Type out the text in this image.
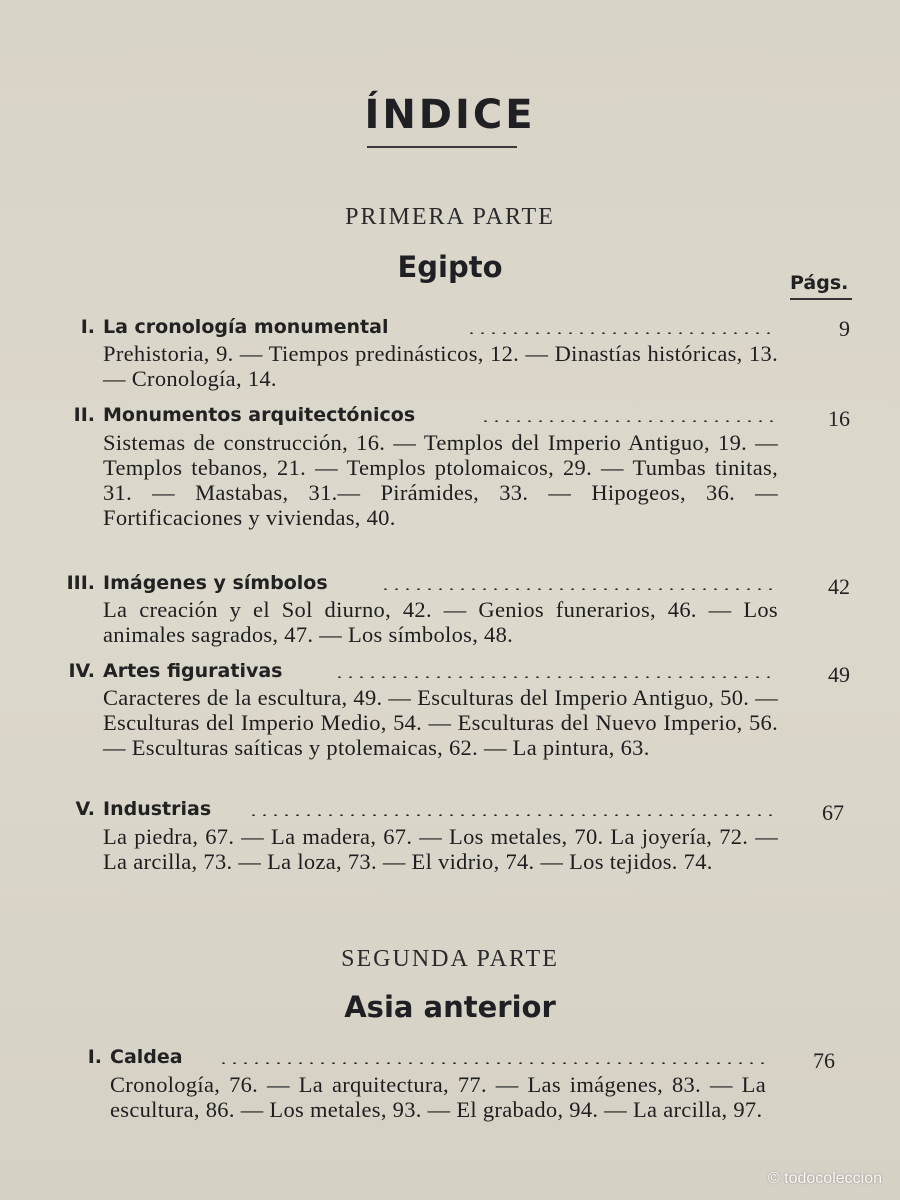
ÍNDICE
PRIMERA PARTE
Egipto	Págs.
I. La cronología monumental	9
Prehistoria, 9. — Tiempos predinásticos, 12. — Dinastías históricas, 13. — Cronología, 14.
II. Monumentos arquitectónicos	16
Sistemas de construcción, 16. — Templos del Imperio Antiguo, 19. — Templos tebanos, 21. — Templos ptolomaicos, 29. — Tumbas tinitas, 31. — Mastabas, 31.— Pirámides, 33. — Hipogeos, 36. — Fortificaciones y viviendas, 40.
III. Imágenes y símbolos	42
La creación y el Sol diurno, 42. — Genios funerarios, 46. — Los animales sagrados, 47. — Los símbolos, 48.
IV. Artes figurativas	49
Caracteres de la escultura, 49. — Esculturas del Imperio Antiguo, 50. — Esculturas del Imperio Medio, 54. — Esculturas del Nuevo Imperio, 56. — Esculturas saíticas y ptolemaicas, 62. — La pintura, 63.
V. Industrias	67
La piedra, 67. — La madera, 67. — Los metales, 70. La joyería, 72. — La arcilla, 73. — La loza, 73. — El vidrio, 74. — Los tejidos. 74.
SEGUNDA PARTE
Asia anterior
I. Caldea	76
Cronología, 76. — La arquitectura, 77. — Las imágenes, 83. — La escultura, 86. — Los metales, 93. — El grabado, 94. — La arcilla, 97.
© todocoleccion
